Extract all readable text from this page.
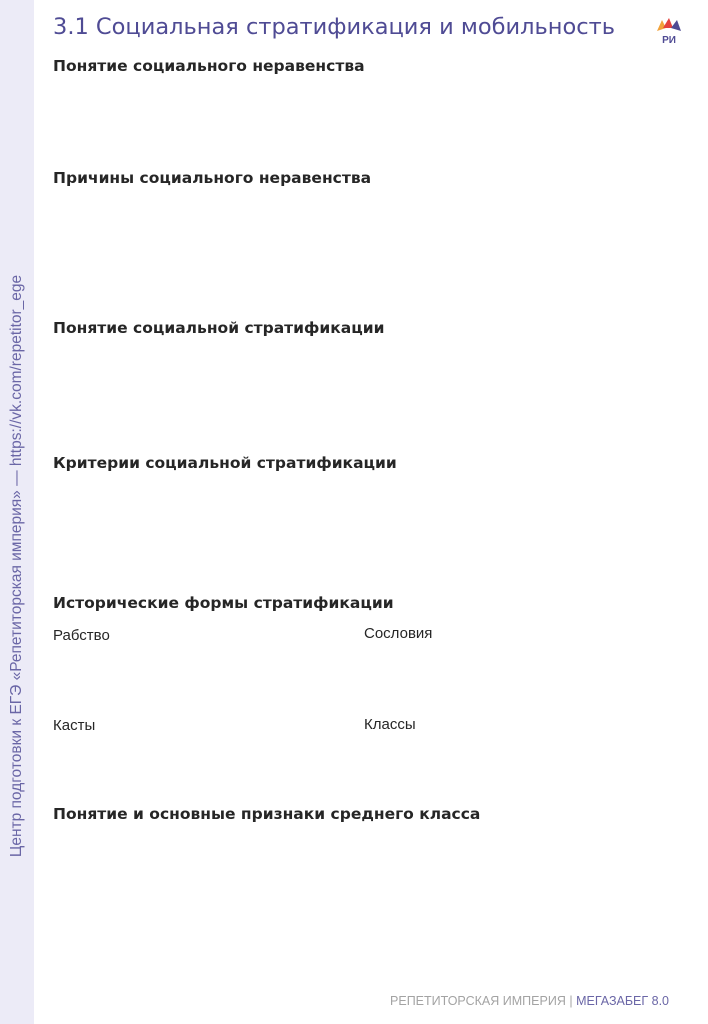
Центр подготовки к ЕГЭ «Репетиторская империя» — https://vk.com/repetitor_ege
3.1 Социальная стратификация и мобильность
РИ
Понятие социального неравенства
Причины социального неравенства
Понятие социальной стратификации
Критерии социальной стратификации
Исторические формы стратификации
Рабство	Сословия
Касты	Классы
Понятие и основные признаки среднего класса
РЕПЕТИТОРСКАЯ ИМПЕРИЯ | МЕГАЗАБЕГ 8.0
